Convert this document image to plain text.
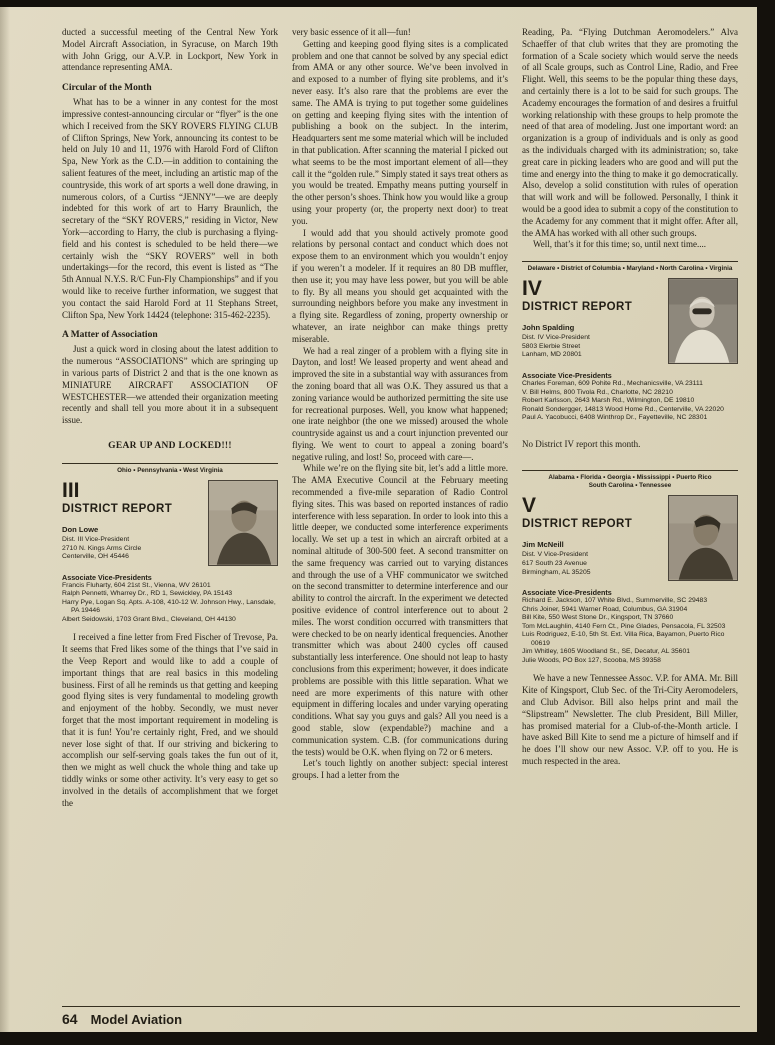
ducted a successful meeting of the Central New York Model Aircraft Association, in Syracuse, on March 19th with John Grigg, our A.V.P. in Lockport, New York in attendance representing AMA.

Circular of the Month

What has to be a winner in any contest for the most impressive contest-announcing circular or “flyer” is the one which I received from the SKY ROVERS FLYING CLUB of Clifton Springs, New York, announcing its contest to be held on July 10 and 11, 1976 with Harold Ford of Clifton Spa, New York as the C.D.—in addition to containing the salient features of the meet, including an artistic map of the countryside, this work of art sports a well done drawing, in numerous colors, of a Curtiss “JENNY”—we are deeply indebted for this work of art to Harry Braunlich, the secretary of the “SKY ROVERS,” residing in Victor, New York—according to Harry, the club is purchasing a flying-field and his contest is scheduled to be held there—we certainly wish the “SKY ROVERS” well in both undertakings—for the record, this event is listed as “The 5th Annual N.Y.S. R/C Fun-Fly Championships” and if you would like to receive further information, we suggest that you contact the said Harold Ford at 11 Stephans Street, Clifton Spa, New York 14424 (telephone: 315-462-2235).

A Matter of Association

Just a quick word in closing about the latest addition to the numerous “ASSOCIATIONS” which are springing up in various parts of District 2 and that is the one known as MINIATURE AIRCRAFT ASSOCIATION OF WESTCHESTER—we attended their organization meeting recently and shall tell you more about it in a subsequent issue.

GEAR UP AND LOCKED!!!
Ohio • Pennsylvania • West Virginia
III
DISTRICT REPORT
Don Lowe
Dist. III Vice-President
2710 N. Kings Arms Circle
Centerville, OH 45446
Associate Vice-Presidents
Francis Fluharty, 604 21st St., Vienna, WV 26101
Ralph Pennetti, Wharrey Dr., RD 1, Sewickley, PA 15143
Harry Pye, Logan Sq. Apts. A-108, 410-12 W. Johnson Hwy., Lansdale, PA 19446
Albert Seidowski, 1703 Grant Blvd., Cleveland, OH 44130

I received a fine letter from Fred Fischer of Trevose, Pa. It seems that Fred likes some of the things that I’ve said in the Veep Report and would like to add a couple of important things that are real basics in this modeling business. First of all he reminds us that getting and keeping good flying sites is very fundamental to modeling growth and enjoyment of the hobby. Secondly, we must never forget that the most important requirement in modeling is that it is fun! You’re certainly right, Fred, and we should never lose sight of that. If our striving and bickering to accomplish our self-serving goals takes the fun out of it, then we might as well chuck the whole thing and take up tiddly winks or some other activity. It’s very easy to get so involved in the details of accomplishment that we forget the

very basic essence of it all—fun!

Getting and keeping good flying sites is a complicated problem and one that cannot be solved by any special edict from AMA or any other source. We’ve been involved in and exposed to a number of flying site problems, and it’s never easy. It’s also rare that the problems are ever the same. The AMA is trying to put together some guidelines on getting and keeping flying sites with the intention of publishing a book on the subject. In the interim, Headquarters sent me some material which will be included in that publication. After scanning the material I picked out what seems to be the most important element of all—they call it the “golden rule.” Simply stated it says treat others as you would be treated. Empathy means putting yourself in the other person’s shoes. Think how you would like a group using your property (or, the property next door) to treat you.
I would add that you should actively promote good relations by personal contact and conduct which does not expose them to an environment which you wouldn’t enjoy if you weren’t a modeler. If it requires an 80 DB muffler, then use it; you may have less power, but you will be able to fly. By all means you should get acquainted with the surrounding neighbors before you make any investment in a flying site. Regardless of zoning, property ownership or whatever, an irate neighbor can make things pretty miserable.
We had a real zinger of a problem with a flying site in Dayton, and lost! We leased property and went ahead and improved the site in a substantial way with assurances from the zoning board that all was O.K. They assured us that a zoning variance would be authorized permitting the site use for recreational purposes. Well, you know what happened; one irate neighbor (the one we missed) aroused the whole countryside against us and a court injunction prevented our flying. We went to court to appeal a zoning board’s negative ruling, and lost! So, proceed with care—.
While we’re on the flying site bit, let’s add a little more. The AMA Executive Council at the February meeting recommended a five-mile separation of Radio Control flying sites. This was based on reported instances of radio interference with less separation. In order to look into this a little deeper, we conducted some interference experiments locally. We set up a test in which an aircraft orbited at a nominal altitude of 300-500 feet. A second transmitter on the same frequency was carried out to varying distances and through the use of a VHF communicator we switched on the second transmitter to determine interference and our ability to control the aircraft. In the experiment we detected positive evidence of control interference out to about 2 miles. The worst condition occurred with transmitters that were checked to be on nearly identical frequencies. Another transmitter which was about 2400 cycles off caused substantially less interference. One should not leap to hasty conclusions from this experiment; however, it does indicate problems are possible with this little separation. What we need are more experiments of this nature with other equipment in differing locales and under varying operating conditions. What say you guys and gals? All you need is a good stable, slow (expendable?) machine and a communication system. C.B. (for communications during the tests) would be O.K. when flying on 72 or 6 meters.
Let’s touch lightly on another subject: special interest groups. I had a letter from the

Reading, Pa. “Flying Dutchman Aeromodelers.” Alva Schaeffer of that club writes that they are promoting the formation of a Scale society which would serve the needs of all Scale groups, such as Control Line, Radio, and Free Flight. Well, this seems to be the popular thing these days, and certainly there is a lot to be said for such groups. The Academy encourages the formation of and desires a fruitful working relationship with these groups to help promote the need of that area of modeling. Just one important word: an organization is a group of individuals and is only as good as the individuals charged with its administration; so, take great care in picking leaders who are good and will put the time and energy into the thing to make it go democratically. Also, develop a solid constitution with rules of operation that will work and will be followed. Personally, I think it would be a good idea to submit a copy of the constitution to the Academy for any comment that it might offer. After all, the AMA has worked with all other such groups.

Well, that’s it for this time; so, until next time....

Delaware • District of Columbia • Maryland • North Carolina • Virginia
IV
DISTRICT REPORT
John Spalding
Dist. IV Vice-President
5803 Elerbie Street
Lanham, MD 20801
Associate Vice-Presidents
Charles Foreman, 609 Pohite Rd., Mechanicsville, VA 23111
V. Bill Helms, 800 Tivola Rd., Charlotte, NC 28210
Robert Karlsson, 2643 Marsh Rd., Wilmington, DE 19810
Ronald Sondergger, 14813 Wood Home Rd., Centerville, VA 22020
Paul A. Yacobucci, 6408 Winthrop Dr., Fayetteville, NC 28301

No District IV report this month.

Alabama • Florida • Georgia • Mississippi • Puerto Rico
South Carolina • Tennessee
V
DISTRICT REPORT
Jim McNeill
Dist. V Vice-President
617 South 23 Avenue
Birmingham, AL 35205
Associate Vice-Presidents
Richard E. Jackson, 107 White Blvd., Summerville, SC 29483
Chris Joiner, 5941 Warner Road, Columbus, GA 31904
Bill Kite, 550 West Stone Dr., Kingsport, TN 37660
Tom McLaughlin, 4140 Fern Ct., Pine Glades, Pensacola, FL 32503
Luis Rodriguez, E-10, 5th St. Ext. Villa Rica, Bayamon, Puerto Rico 00619
Jim Whitley, 1605 Woodland St., SE, Decatur, AL 35601
Julie Woods, PO Box 127, Scooba, MS 39358

We have a new Tennessee Assoc. V.P. for AMA. Mr. Bill Kite of Kingsport, Club Sec. of the Tri-City Aeromodelers, and Club Advisor. Bill also helps print and mail the “Slipstream” Newsletter. The club President, Bill Miller, has promised material for a Club-of-the-Month article. I have asked Bill Kite to send me a picture of himself and if he does I’ll show our new Assoc. V.P. off to you. He is much respected in the area.

64 Model Aviation
